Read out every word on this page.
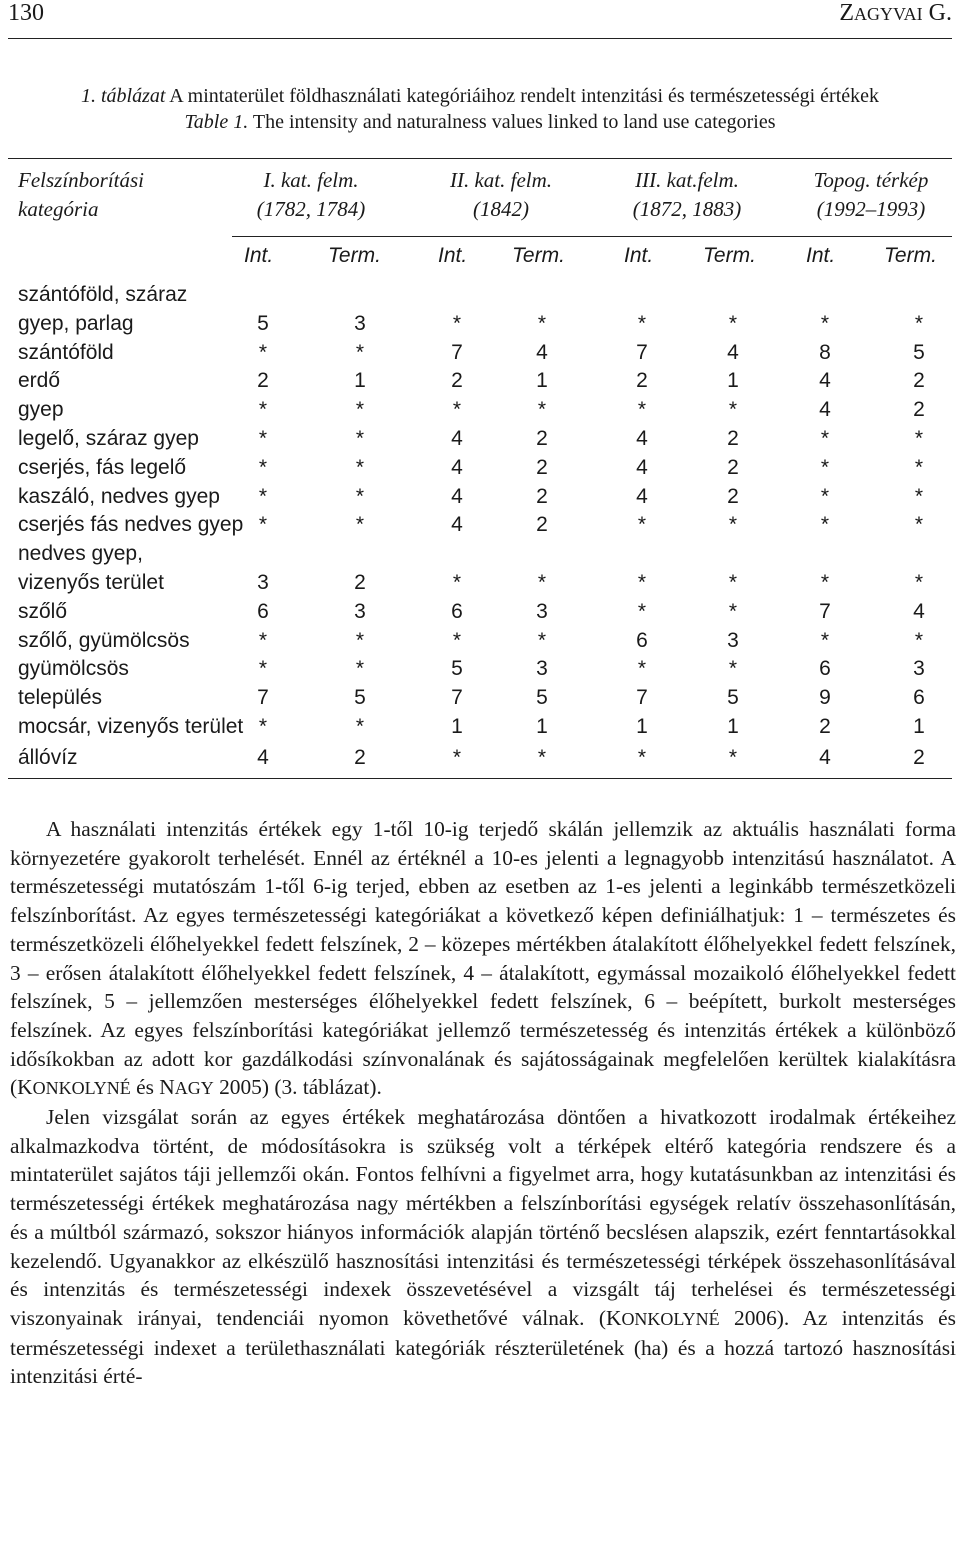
130	ZAGYVAI G.
1. táblázat A mintaterület földhasználati kategóriáihoz rendelt intenzitási és természetességi értékek
Table 1. The intensity and naturalness values linked to land use categories
Felszínborítási
kategória
I. kat. felm.
(1782, 1784)
II. kat. felm.
(1842)
III. kat.felm.
(1872, 1883)
Topog. térkép
(1992–1993)
Int.	Term.	Int. Term.	Int. Term. Int. Term.
szántóföld, száraz
gyep, parlag	5	3	*	*	*	*	*	*
szántóföld	*	*	7	4	7	4	8	5
erdő	2	1	2	1	2	1	4	2
gyep	*	*	*	*	*	*	4	2
legelő, száraz gyep	*	*	4	2	4	2	*	*
cserjés, fás legelő	*	*	4	2	4	2	*	*
kaszáló, nedves gyep	*	*	4	2	4	2	*	*
cserjés fás nedves gyep *	*	4	2	*	*	*	*
nedves gyep,
vizenyős terület	3	2	*	*	*	*	*	*
szőlő	6	3	6	3	*	*	7	4
szőlő, gyümölcsös	*	*	*	*	6	3	*	*
gyümölcsös	*	*	5	3	*	*	6	3
település	7	5	7	5	7	5	9	6
mocsár, vizenyős terület *	*	1	1	1	1	2	1
állóvíz	4	2	*	*	*	*	4	2

A használati intenzitás értékek egy 1-től 10-ig terjedő skálán jellemzik az aktuális használati forma környezetére gyakorolt terhelését. Ennél az értéknél a 10-es jelenti a legnagyobb intenzitású használatot. A természetességi mutatószám 1-től 6-ig terjed, ebben az esetben az 1-es jelenti a leginkább természetközeli felszínborítást. Az egyes természetességi kategóriákat a következő képen definiálhatjuk: 1 – természetes és természetközeli élőhelyekkel fedett felszínek, 2 – közepes mértékben átalakított élőhelyekkel fedett felszínek, 3 – erősen átalakított élőhelyekkel fedett felszínek, 4 – átalakított, egymással mozaikoló élőhelyekkel fedett felszínek, 5 – jellemzően mesterséges élőhelyekkel fedett felszínek, 6 – beépített, burkolt mesterséges felszínek. Az egyes felszínborítási kategóriákat jellemző természetesség és intenzitás értékek a különböző idősíkokban az adott kor gazdálkodási színvonalának és sajátosságainak megfelelően kerültek kialakításra (KONKOLYNÉ és NAGY 2005) (3. táblázat).

Jelen vizsgálat során az egyes értékek meghatározása döntően a hivatkozott irodalmak értékeihez alkalmazkodva történt, de módosításokra is szükség volt a térképek eltérő kategória rendszere és a mintaterület sajátos táji jellemzői okán. Fontos felhívni a figyelmet arra, hogy kutatásunkban az intenzitási és természetességi értékek meghatározása nagy mértékben a felszínborítási egységek relatív összehasonlításán, és a múltból származó, sokszor hiányos információk alapján történő becslésen alapszik, ezért fenntartásokkal kezelendő. Ugyanakkor az elkészülő hasznosítási intenzitási és természetességi térképek összehasonlításával és intenzitás és természetességi indexek összevetésével a vizsgált táj terhelései és természetességi viszonyainak irányai, tendenciái nyomon követhetővé válnak. (KONKOLYNÉ 2006). Az intenzitás és természetességi indexet a területhasználati kategóriák részterületének (ha) és a hozzá tartozó hasznosítási intenzitási érté-
